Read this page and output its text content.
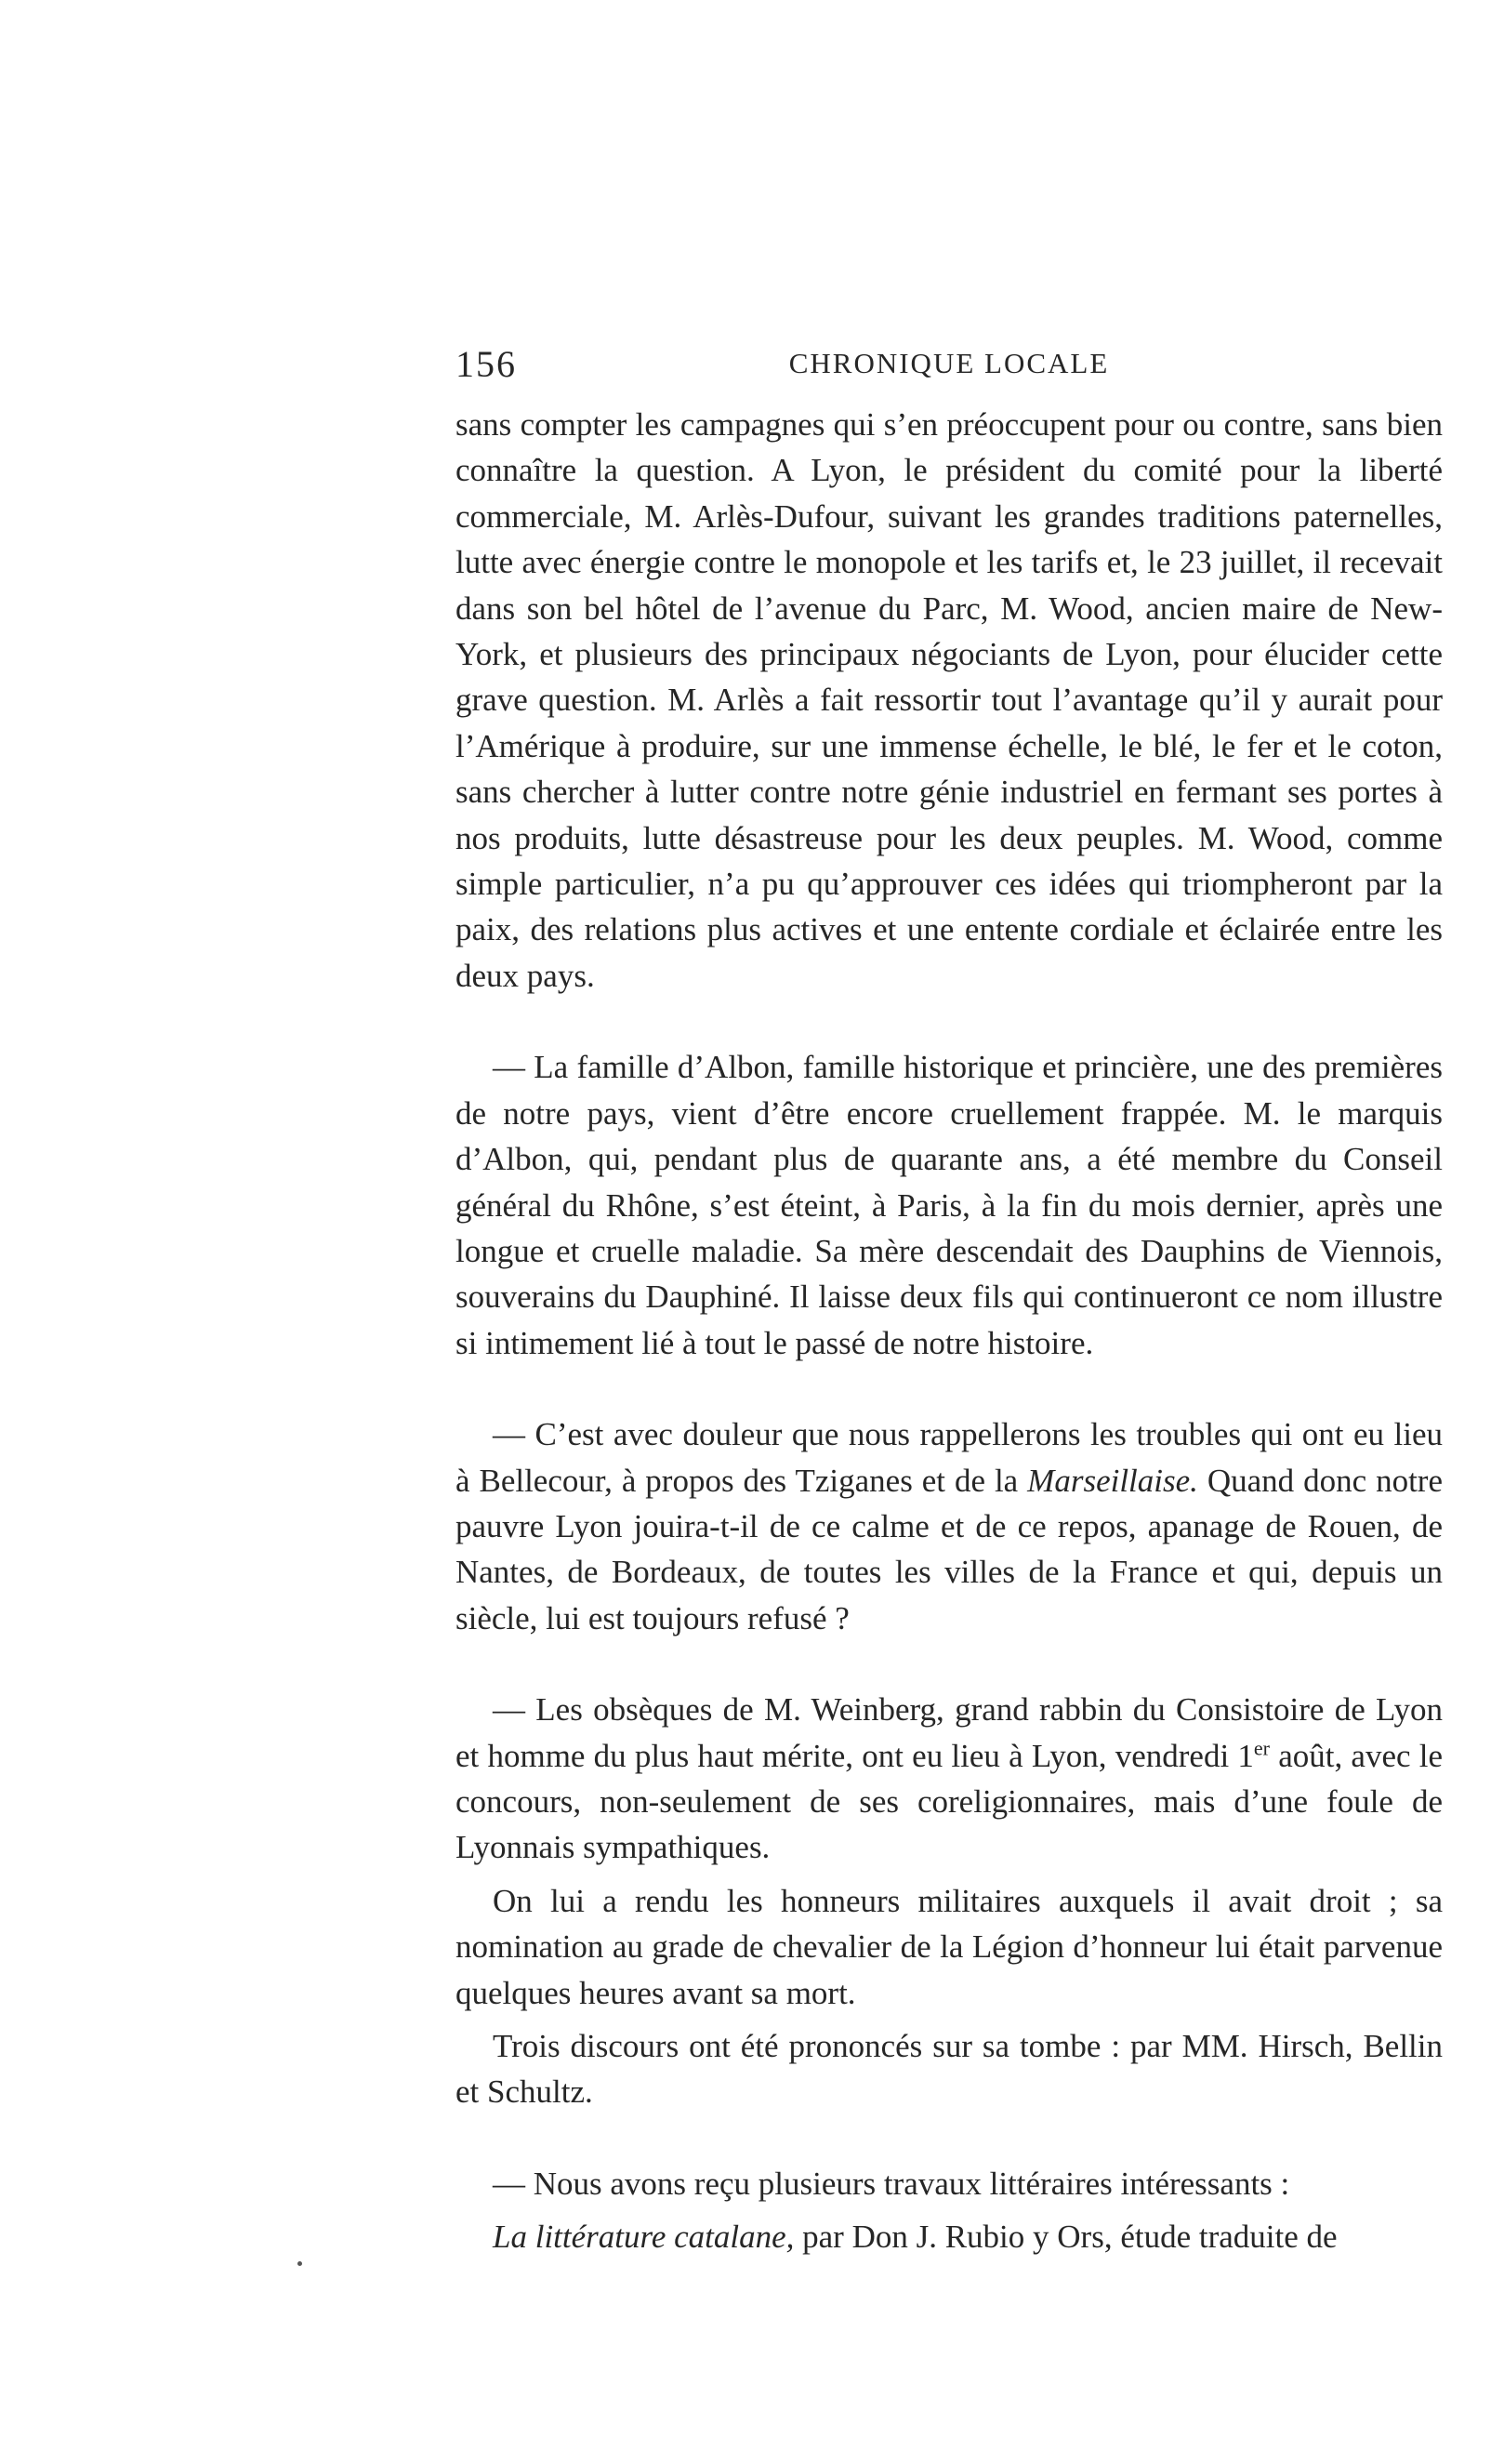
156	CHRONIQUE LOCALE

sans compter les campagnes qui s’en préoccupent pour ou contre, sans bien connaître la question. A Lyon, le président du comité pour la liberté commerciale, M. Arlès-Dufour, suivant les grandes traditions paternelles, lutte avec énergie contre le monopole et les tarifs et, le 23 juillet, il recevait dans son bel hôtel de l’avenue du Parc, M. Wood, ancien maire de New-York, et plusieurs des principaux négociants de Lyon, pour élucider cette grave question. M. Arlès a fait ressortir tout l’avantage qu’il y aurait pour l’Amérique à produire, sur une immense échelle, le blé, le fer et le coton, sans chercher à lutter contre notre génie industriel en fermant ses portes à nos produits, lutte désastreuse pour les deux peuples. M. Wood, comme simple particulier, n’a pu qu’approuver ces idées qui triompheront par la paix, des relations plus actives et une entente cordiale et éclairée entre les deux pays.

— La famille d’Albon, famille historique et princière, une des premières de notre pays, vient d’être encore cruellement frappée. M. le marquis d’Albon, qui, pendant plus de quarante ans, a été membre du Conseil général du Rhône, s’est éteint, à Paris, à la fin du mois dernier, après une longue et cruelle maladie. Sa mère descendait des Dauphins de Viennois, souverains du Dauphiné. Il laisse deux fils qui continueront ce nom illustre si intimement lié à tout le passé de notre histoire.

— C’est avec douleur que nous rappellerons les troubles qui ont eu lieu à Bellecour, à propos des Tziganes et de la Marseillaise. Quand donc notre pauvre Lyon jouira-t-il de ce calme et de ce repos, apanage de Rouen, de Nantes, de Bordeaux, de toutes les villes de la France et qui, depuis un siècle, lui est toujours refusé ?

— Les obsèques de M. Weinberg, grand rabbin du Consistoire de Lyon et homme du plus haut mérite, ont eu lieu à Lyon, vendredi 1er août, avec le concours, non-seulement de ses coreligionnaires, mais d’une foule de Lyonnais sympathiques.

On lui a rendu les honneurs militaires auxquels il avait droit ; sa nomination au grade de chevalier de la Légion d’honneur lui était parvenue quelques heures avant sa mort.

Trois discours ont été prononcés sur sa tombe : par MM. Hirsch, Bellin et Schultz.

— Nous avons reçu plusieurs travaux littéraires intéressants :

La littérature catalane, par Don J. Rubio y Ors, étude traduite de
